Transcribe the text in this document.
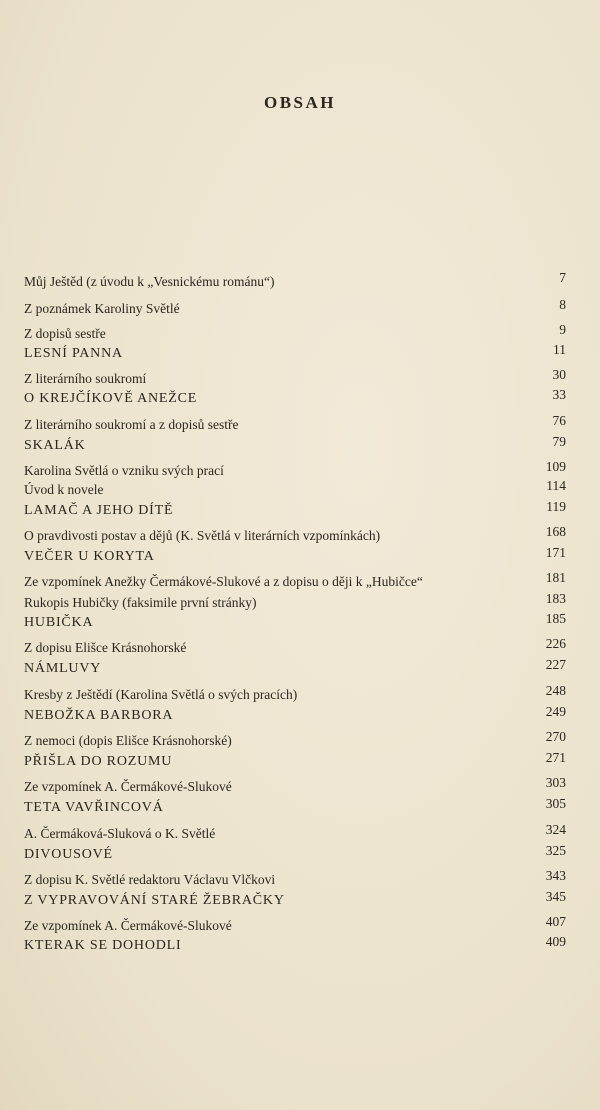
OBSAH
Můj Ještěd (z úvodu k „Vesnickému románu“)	7
Z poznámek Karoliny Světlé	8
Z dopisů sestře	9
LESNÍ PANNA	11
Z literárního soukromí	30
O KREJČÍKOVĚ ANEŽCE	33
Z literárního soukromí a z dopisů sestře	76
SKALÁK	79
Karolina Světlá o vzniku svých prací	109
Úvod k novele	114
LAMAČ A JEHO DÍTĚ	119
O pravdivosti postav a dějů (K. Světlá v literárních vzpomínkách)	168
VEČER U KORYTA	171
Ze vzpomínek Anežky Čermákové-Slukové a z dopisu o ději k „Hubičce“	181
Rukopis Hubičky (faksimile první stránky)	183
HUBIČKA	185
Z dopisu Elišce Krásnohorské	226
NÁMLUVY	227
Kresby z Ještědí (Karolina Světlá o svých pracích)	248
NEBOŽKA BARBORA	249
Z nemoci (dopis Elišce Krásnohorské)	270
PŘIŠLA DO ROZUMU	271
Ze vzpomínek A. Čermákové-Slukové	303
TETA VAVŘINCOVÁ	305
A. Čermáková-Sluková o K. Světlé	324
DIVOUSOVÉ	325
Z dopisu K. Světlé redaktoru Václavu Vlčkovi	343
Z VYPRAVOVÁNÍ STARÉ ŽEBRAČKY	345
Ze vzpomínek A. Čermákové-Slukové	407
KTERAK SE DOHODLI	409
